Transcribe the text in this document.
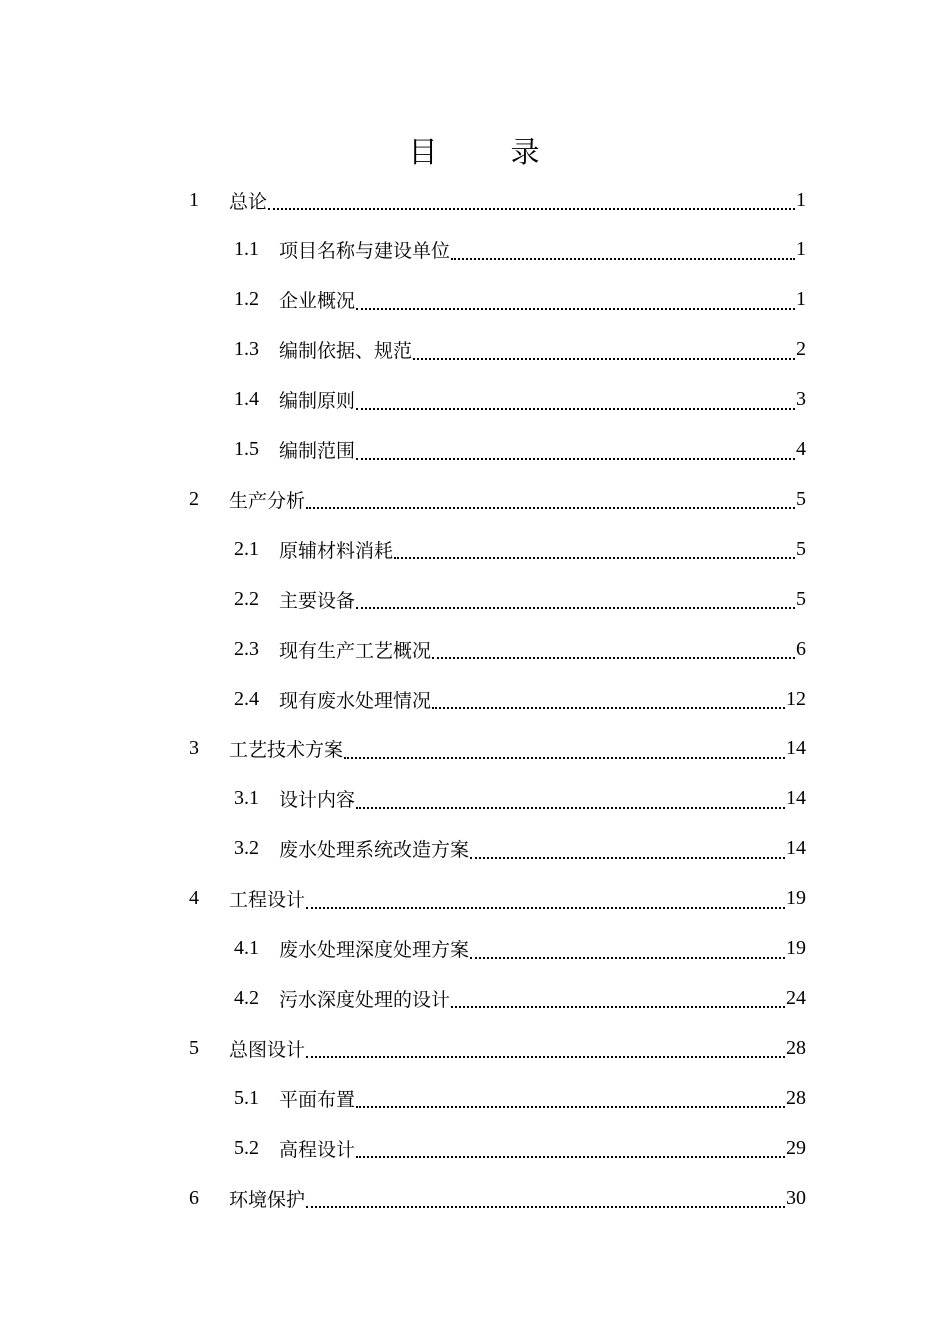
目　录
1	总论	1
1.1	项目名称与建设单位	1
1.2	企业概况	1
1.3	编制依据、规范	2
1.4	编制原则	3
1.5	编制范围	4
2	生产分析	5
2.1	原辅材料消耗	5
2.2	主要设备	5
2.3	现有生产工艺概况	6
2.4	现有废水处理情况	12
3	工艺技术方案	14
3.1	设计内容	14
3.2	废水处理系统改造方案	14
4	工程设计	19
4.1	废水处理深度处理方案	19
4.2	污水深度处理的设计	24
5	总图设计	28
5.1	平面布置	28
5.2	高程设计	29
6	环境保护	30
